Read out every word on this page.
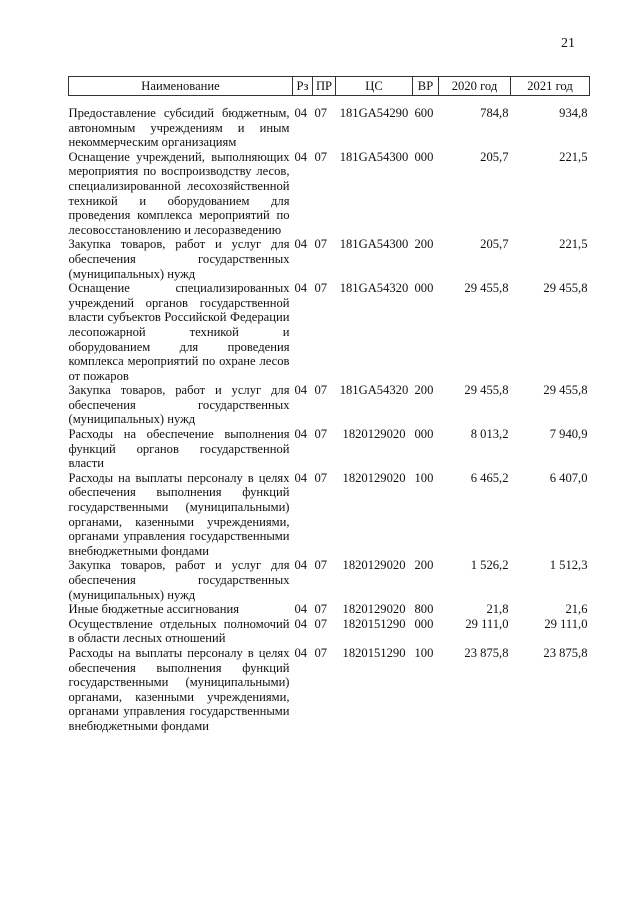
21
Наименование	Рз	ПР	ЦС	ВР	2020 год	2021 год
Предоставление субсидий бюджетным, автономным учреждениям и иным некоммерческим организациям	04	07	181GA54290	600	784,8	934,8
Оснащение учреждений, выполняющих мероприятия по воспроизводству лесов, специализированной лесохозяйственной техникой и оборудованием для проведения комплекса мероприятий по лесовосстановлению и лесоразведению	04	07	181GA54300	000	205,7	221,5
Закупка товаров, работ и услуг для обеспечения государственных (муниципальных) нужд	04	07	181GA54300	200	205,7	221,5
Оснащение специализированных учреждений органов государственной власти субъектов Российской Федерации лесопожарной техникой и оборудованием для проведения комплекса мероприятий по охране лесов от пожаров	04	07	181GA54320	000	29 455,8	29 455,8
Закупка товаров, работ и услуг для обеспечения государственных (муниципальных) нужд	04	07	181GA54320	200	29 455,8	29 455,8
Расходы на обеспечение выполнения функций органов государственной власти	04	07	1820129020	000	8 013,2	7 940,9
Расходы на выплаты персоналу в целях обеспечения выполнения функций государственными (муниципальными) органами, казенными учреждениями, органами управления государственными внебюджетными фондами	04	07	1820129020	100	6 465,2	6 407,0
Закупка товаров, работ и услуг для обеспечения государственных (муниципальных) нужд	04	07	1820129020	200	1 526,2	1 512,3
Иные бюджетные ассигнования	04	07	1820129020	800	21,8	21,6
Осуществление отдельных полномочий в области лесных отношений	04	07	1820151290	000	29 111,0	29 111,0
Расходы на выплаты персоналу в целях обеспечения выполнения функций государственными (муниципальными) органами, казенными учреждениями, органами управления государственными внебюджетными фондами	04	07	1820151290	100	23 875,8	23 875,8
